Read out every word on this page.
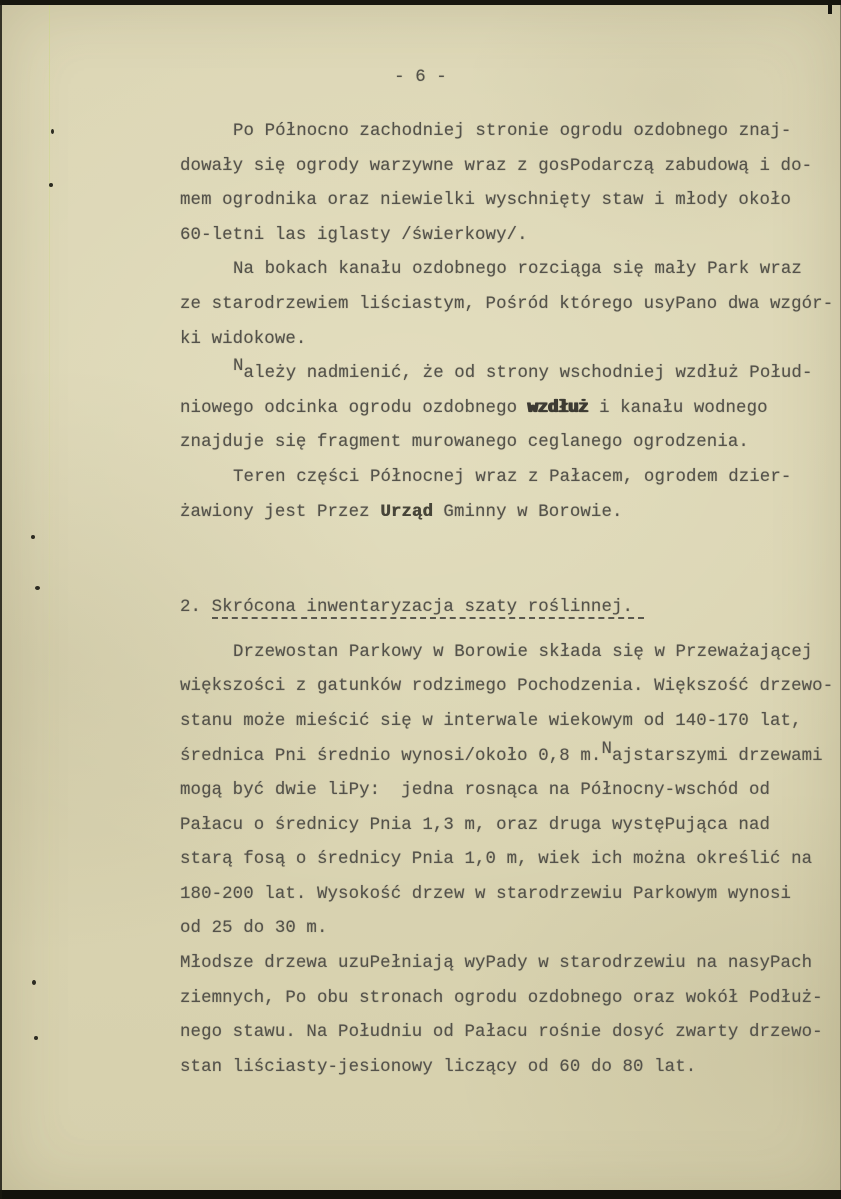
- 6 -
Po Północno zachodniej stronie ogrodu ozdobnego znaj-
dowały się ogrody warzywne wraz z gosPodarczą zabudową i do-
mem ogrodnika oraz niewielki wyschnięty staw i młody około
60-letni las iglasty /świerkowy/.
Na bokach kanału ozdobnego rozciąga się mały Park wraz
ze starodrzewiem liściastym, Pośród którego usyPano dwa wzgór-
ki widokowe.
Należy nadmienić, że od strony wschodniej wzdłuż Połud-
niowego odcinka ogrodu ozdobnego wzdłuż i kanału wodnego
znajduje się fragment murowanego ceglanego ogrodzenia.
Teren części Północnej wraz z Pałacem, ogrodem dzier-
żawiony jest Przez Urząd Gminny w Borowie.
2. Skrócona inwentaryzacja szaty roślinnej.
Drzewostan Parkowy w Borowie składa się w Przeważającej
większości z gatunków rodzimego Pochodzenia. Większość drzewo-
stanu może mieścić się w interwale wiekowym od 140-170 lat,
średnica Pni średnio wynosi/około 0,8 m.Najstarszymi drzewami
mogą być dwie liPy:  jedna rosnąca na Północny-wschód od
Pałacu o średnicy Pnia 1,3 m, oraz druga wystęPująca nad
starą fosą o średnicy Pnia 1,0 m, wiek ich można określić na
180-200 lat. Wysokość drzew w starodrzewiu Parkowym wynosi
od 25 do 30 m.
Młodsze drzewa uzuPełniają wyPady w starodrzewiu na nasyPach
ziemnych, Po obu stronach ogrodu ozdobnego oraz wokół Podłuż-
nego stawu. Na Południu od Pałacu rośnie dosyć zwarty drzewo-
stan liściasty-jesionowy liczący od 60 do 80 lat.
